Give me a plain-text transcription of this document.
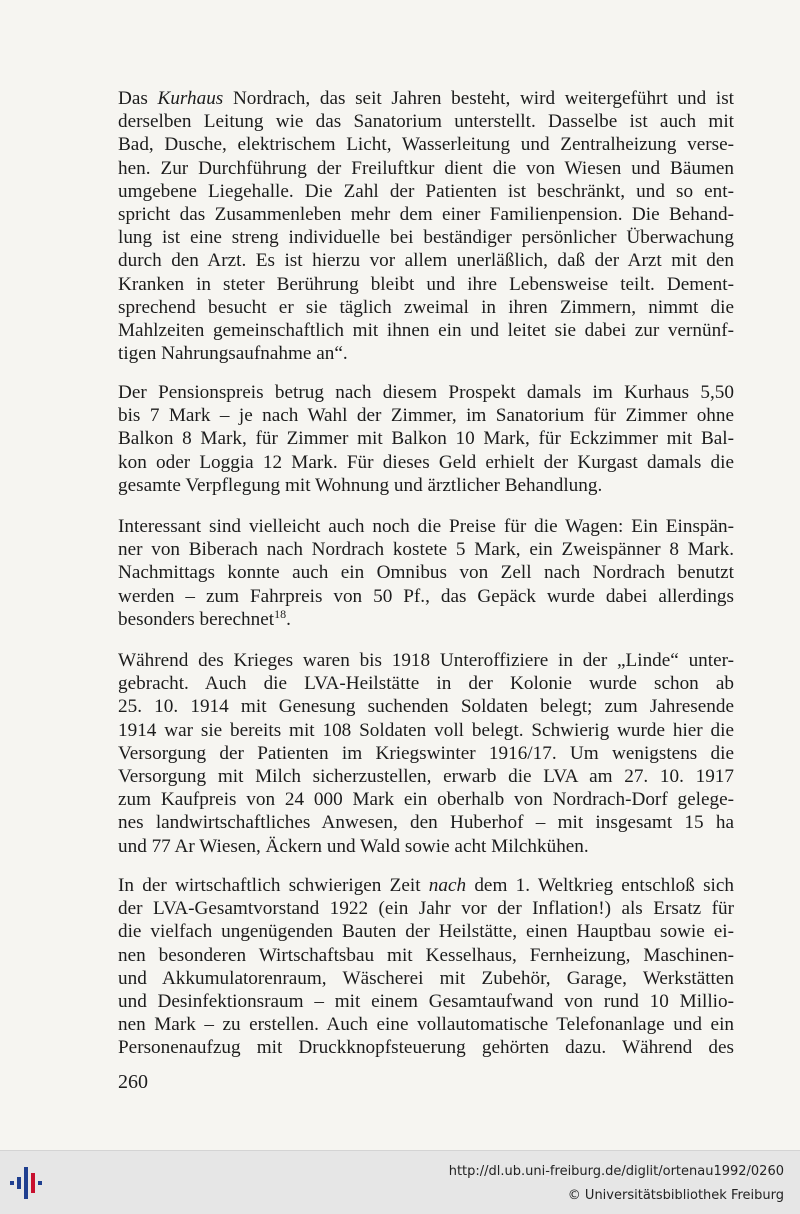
Das Kurhaus Nordrach, das seit Jahren besteht, wird weitergeführt und ist
derselben Leitung wie das Sanatorium unterstellt. Dasselbe ist auch mit
Bad, Dusche, elektrischem Licht, Wasserleitung und Zentralheizung verse-
hen. Zur Durchführung der Freiluftkur dient die von Wiesen und Bäumen
umgebene Liegehalle. Die Zahl der Patienten ist beschränkt, und so ent-
spricht das Zusammenleben mehr dem einer Familienpension. Die Behand-
lung ist eine streng individuelle bei beständiger persönlicher Überwachung
durch den Arzt. Es ist hierzu vor allem unerläßlich, daß der Arzt mit den
Kranken in steter Berührung bleibt und ihre Lebensweise teilt. Dement-
sprechend besucht er sie täglich zweimal in ihren Zimmern, nimmt die
Mahlzeiten gemeinschaftlich mit ihnen ein und leitet sie dabei zur vernünf-
tigen Nahrungsaufnahme an“.
Der Pensionspreis betrug nach diesem Prospekt damals im Kurhaus 5,50
bis 7 Mark – je nach Wahl der Zimmer, im Sanatorium für Zimmer ohne
Balkon 8 Mark, für Zimmer mit Balkon 10 Mark, für Eckzimmer mit Bal-
kon oder Loggia 12 Mark. Für dieses Geld erhielt der Kurgast damals die
gesamte Verpflegung mit Wohnung und ärztlicher Behandlung.
Interessant sind vielleicht auch noch die Preise für die Wagen: Ein Einspän-
ner von Biberach nach Nordrach kostete 5 Mark, ein Zweispänner 8 Mark.
Nachmittags konnte auch ein Omnibus von Zell nach Nordrach benutzt
werden – zum Fahrpreis von 50 Pf., das Gepäck wurde dabei allerdings
besonders berechnet$^{18}$.
Während des Krieges waren bis 1918 Unteroffiziere in der „Linde“ unter-
gebracht. Auch die LVA-Heilstätte in der Kolonie wurde schon ab
25. 10. 1914 mit Genesung suchenden Soldaten belegt; zum Jahresende
1914 war sie bereits mit 108 Soldaten voll belegt. Schwierig wurde hier die
Versorgung der Patienten im Kriegswinter 1916/17. Um wenigstens die
Versorgung mit Milch sicherzustellen, erwarb die LVA am 27. 10. 1917
zum Kaufpreis von 24 000 Mark ein oberhalb von Nordrach-Dorf gelege-
nes landwirtschaftliches Anwesen, den Huberhof – mit insgesamt 15 ha
und 77 Ar Wiesen, Äckern und Wald sowie acht Milchkühen.
In der wirtschaftlich schwierigen Zeit nach dem 1. Weltkrieg entschloß sich
der LVA-Gesamtvorstand 1922 (ein Jahr vor der Inflation!) als Ersatz für
die vielfach ungenügenden Bauten der Heilstätte, einen Hauptbau sowie ei-
nen besonderen Wirtschaftsbau mit Kesselhaus, Fernheizung, Maschinen-
und Akkumulatorenraum, Wäscherei mit Zubehör, Garage, Werkstätten
und Desinfektionsraum – mit einem Gesamtaufwand von rund 10 Millio-
nen Mark – zu erstellen. Auch eine vollautomatische Telefonanlage und ein
Personenaufzug mit Druckknopfsteuerung gehörten dazu. Während des
260
http://dl.ub.uni-freiburg.de/diglit/ortenau1992/0260
© Universitätsbibliothek Freiburg
